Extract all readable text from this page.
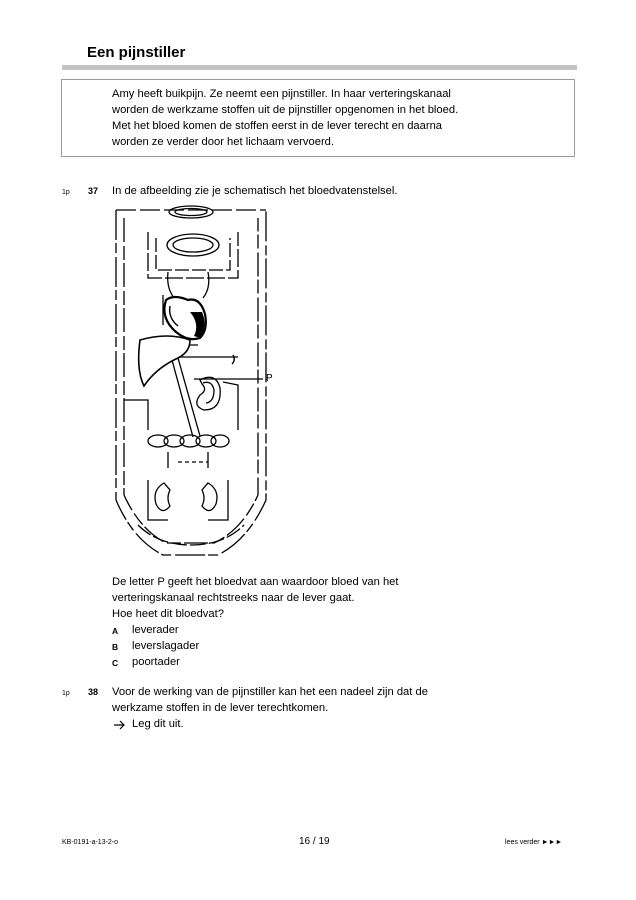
Een pijnstiller
Amy heeft buikpijn. Ze neemt een pijnstiller. In haar verteringskanaal
worden de werkzame stoffen uit de pijnstiller opgenomen in het bloed.
Met het bloed komen de stoffen eerst in de lever terecht en daarna
worden ze verder door het lichaam vervoerd.
1p 37 In de afbeelding zie je schematisch het bloedvatenstelsel.
P
De letter P geeft het bloedvat aan waardoor bloed van het
verteringskanaal rechtstreeks naar de lever gaat.
Hoe heet dit bloedvat?
A leverader
B leverslagader
C poortader
1p 38 Voor de werking van de pijnstiller kan het een nadeel zijn dat de
werkzame stoffen in de lever terechtkomen.
Leg dit uit.
KB-0191-a-13-2-o	16 / 19	lees verder ►►►
